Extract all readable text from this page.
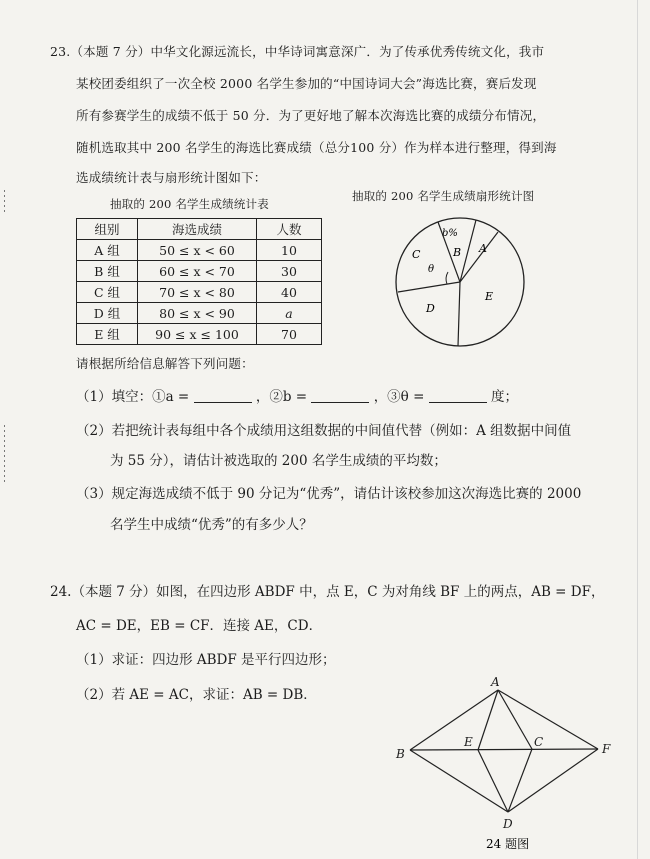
23.（本题 7 分）中华文化源远流长，中华诗词寓意深广．为了传承优秀传统文化，我市
某校团委组织了一次全校 2000 名学生参加的“中国诗词大会”海选比赛，赛后发现
所有参赛学生的成绩不低于 50 分．为了更好地了解本次海选比赛的成绩分布情况，
随机选取其中 200 名学生的海选比赛成绩（总分100 分）作为样本进行整理，得到海
选成绩统计表与扇形统计图如下：
抽取的 200 名学生成绩统计表
抽取的 200 名学生成绩扇形统计图
组别	海选成绩	人数
A 组	50 ≤ x < 60	10
B 组	60 ≤ x < 70	30
C 组	70 ≤ x < 80	40
D 组	80 ≤ x < 90	a
E 组	90 ≤ x ≤ 100	70
b%
B A
C
θ
D
E
请根据所给信息解答下列问题：
（1）填空：①a =	，②b =	，③θ =	度；
（2）若把统计表每组中各个成绩用这组数据的中间值代替（例如：A 组数据中间值
为 55 分），请估计被选取的 200 名学生成绩的平均数；
（3）规定海选成绩不低于 90 分记为“优秀”，请估计该校参加这次海选比赛的 2000
名学生中成绩“优秀”的有多少人？
24.（本题 7 分）如图，在四边形 ABDF 中，点 E，C 为对角线 BF 上的两点，AB = DF，
AC = DE，EB = CF．连接 AE，CD．
（1）求证：四边形 ABDF 是平行四边形；
（2）若 AE = AC，求证：AB = DB．
A
B
E	C	F
D
24 题图
